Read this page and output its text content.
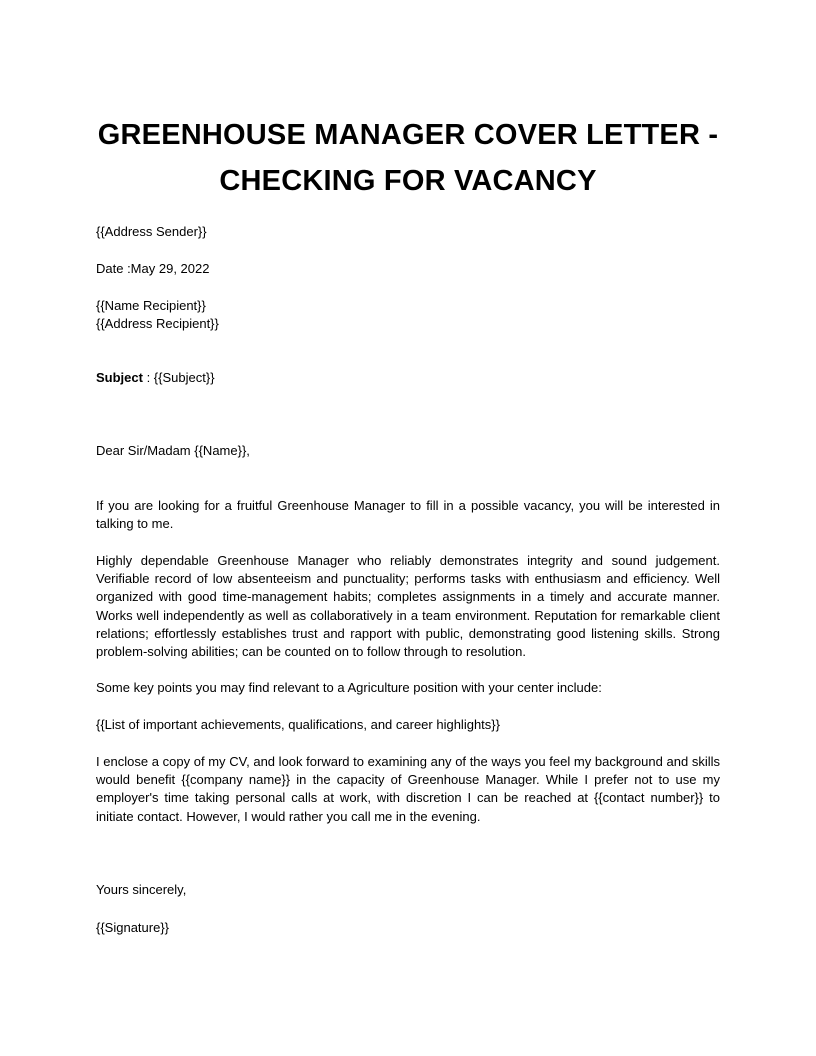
GREENHOUSE MANAGER COVER LETTER - CHECKING FOR VACANCY

{{Address Sender}}

Date :May 29, 2022

{{Name Recipient}}

{{Address Recipient}}

Subject : {{Subject}}

Dear Sir/Madam {{Name}},

If you are looking for a fruitful Greenhouse Manager to fill in a possible vacancy, you will be interested in talking to me.

Highly dependable Greenhouse Manager who reliably demonstrates integrity and sound judgement. Verifiable record of low absenteeism and punctuality; performs tasks with enthusiasm and efficiency. Well organized with good time-management habits; completes assignments in a timely and accurate manner. Works well independently as well as collaboratively in a team environment. Reputation for remarkable client relations; effortlessly establishes trust and rapport with public, demonstrating good listening skills. Strong problem-solving abilities; can be counted on to follow through to resolution.

Some key points you may find relevant to a Agriculture position with your center include:

{{List of important achievements, qualifications, and career highlights}}

I enclose a copy of my CV, and look forward to examining any of the ways you feel my background and skills would benefit {{company name}} in the capacity of Greenhouse Manager. While I prefer not to use my employer's time taking personal calls at work, with discretion I can be reached at {{contact number}} to initiate contact. However, I would rather you call me in the evening.

Yours sincerely,

{{Signature}}
